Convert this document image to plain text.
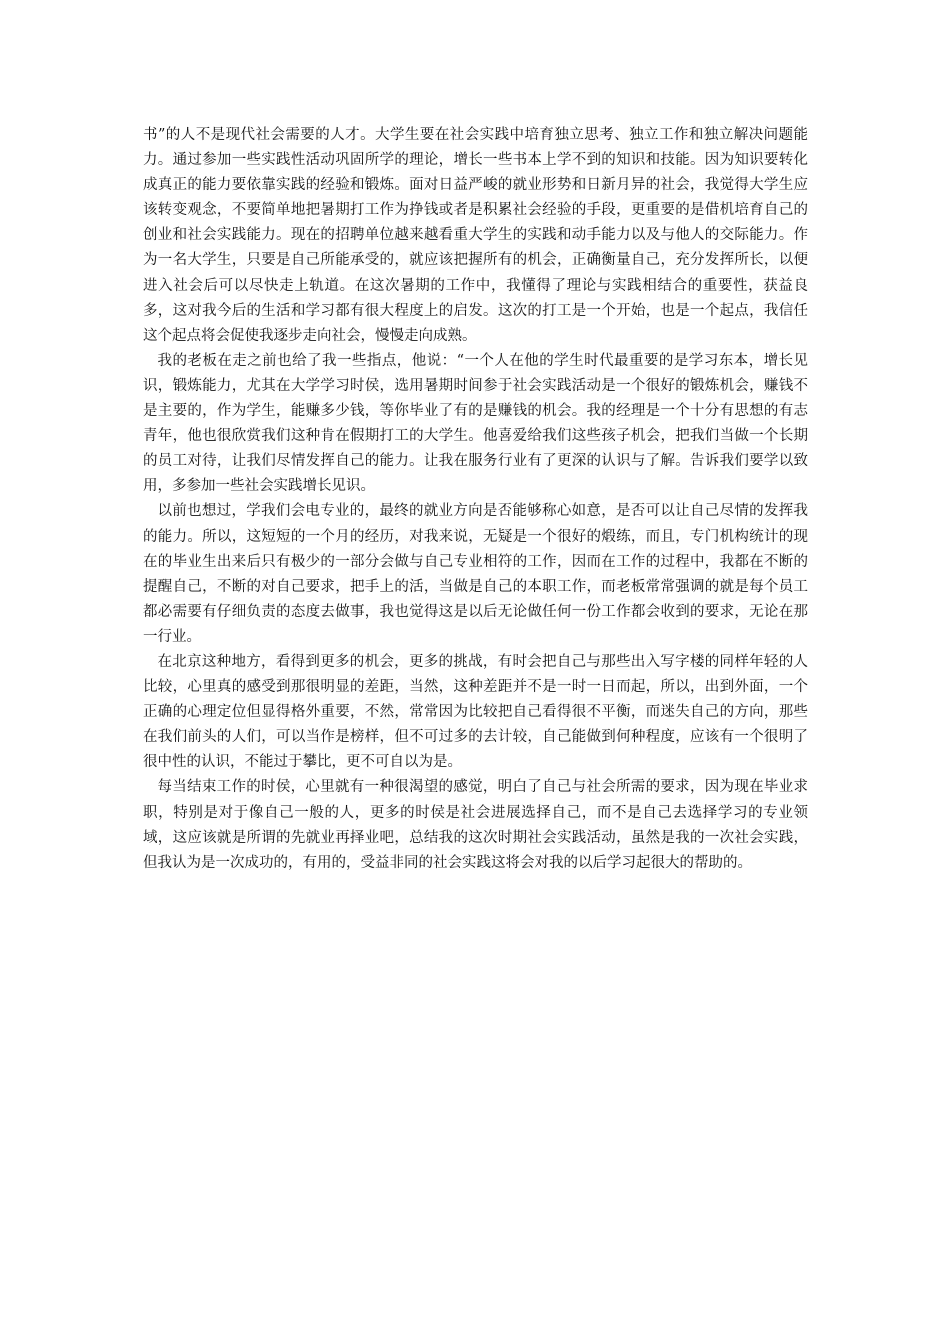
书”的人不是现代社会需要的人才。大学生要在社会实践中培育独立思考、独立工作和独立解决问题能力。通过参加一些实践性活动巩固所学的理论，增长一些书本上学不到的知识和技能。因为知识要转化成真正的能力要依靠实践的经验和锻炼。面对日益严峻的就业形势和日新月异的社会，我觉得大学生应该转变观念，不要简单地把暑期打工作为挣钱或者是积累社会经验的手段，更重要的是借机培育自己的创业和社会实践能力。现在的招聘单位越来越看重大学生的实践和动手能力以及与他人的交际能力。作为一名大学生，只要是自己所能承受的，就应该把握所有的机会，正确衡量自己，充分发挥所长，以便进入社会后可以尽快走上轨道。在这次暑期的工作中，我懂得了理论与实践相结合的重要性，获益良多，这对我今后的生活和学习都有很大程度上的启发。这次的打工是一个开始，也是一个起点，我信任这个起点将会促使我逐步走向社会，慢慢走向成熟。

我的老板在走之前也给了我一些指点，他说：“一个人在他的学生时代最重要的是学习东本，增长见识，锻炼能力，尤其在大学学习时侯，选用暑期时间参于社会实践活动是一个很好的锻炼机会，赚钱不是主要的，作为学生，能赚多少钱，等你毕业了有的是赚钱的机会。我的经理是一个十分有思想的有志青年，他也很欣赏我们这种肯在假期打工的大学生。他喜爱给我们这些孩子机会，把我们当做一个长期的员工对待，让我们尽情发挥自己的能力。让我在服务行业有了更深的认识与了解。告诉我们要学以致用，多参加一些社会实践增长见识。

以前也想过，学我们会电专业的，最终的就业方向是否能够称心如意，是否可以让自己尽情的发挥我的能力。所以，这短短的一个月的经历，对我来说，无疑是一个很好的煅练，而且，专门机构统计的现在的毕业生出来后只有极少的一部分会做与自己专业相符的工作，因而在工作的过程中，我都在不断的提醒自己，不断的对自己要求，把手上的活，当做是自己的本职工作，而老板常常强调的就是每个员工都必需要有仔细负责的态度去做事，我也觉得这是以后无论做任何一份工作都会收到的要求，无论在那一行业。

在北京这种地方，看得到更多的机会，更多的挑战，有时会把自己与那些出入写字楼的同样年轻的人比较，心里真的感受到那很明显的差距，当然，这种差距并不是一时一日而起，所以，出到外面，一个正确的心理定位但显得格外重要，不然，常常因为比较把自己看得很不平衡，而迷失自己的方向，那些在我们前头的人们，可以当作是榜样，但不可过多的去计较，自己能做到何种程度，应该有一个很明了很中性的认识，不能过于攀比，更不可自以为是。

每当结束工作的时侯，心里就有一种很渴望的感觉，明白了自己与社会所需的要求，因为现在毕业求职，特别是对于像自己一般的人，更多的时侯是社会进展选择自己，而不是自己去选择学习的专业领域，这应该就是所谓的先就业再择业吧，总结我的这次时期社会实践活动，虽然是我的一次社会实践，但我认为是一次成功的，有用的，受益非同的社会实践这将会对我的以后学习起很大的帮助的。
